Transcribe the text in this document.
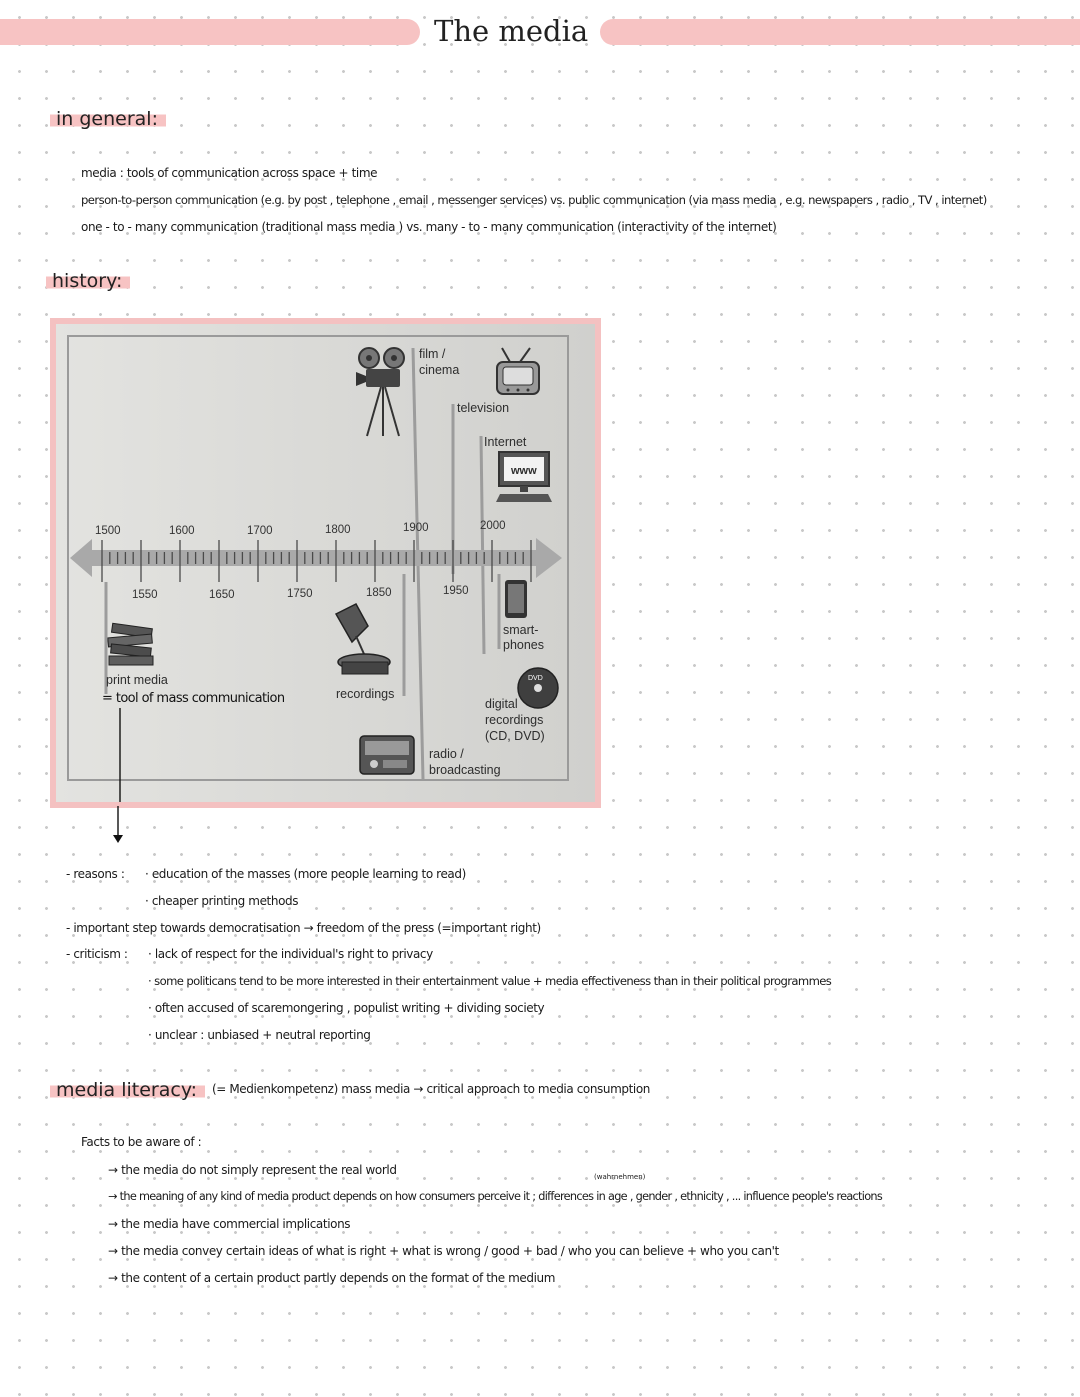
The media
in general:
media : tools of communication across space + time
person-to-person communication (e.g. by post , telephone , email , messenger services) vs. public communication (via mass media , e.g. newspapers , radio , TV , internet)
one - to - many communication (traditional mass media ) vs. many - to - many communication (interactivity of the internet)
history:
1500	1600	1700	1800	1900	2000
1550	1650	1750	1850	1950
film /
cinema
television
www
Internet
print media
= tool of mass communication	recordings
smart-
phones
DVD
digital
recordings
(CD, DVD)
radio /
broadcasting
- reasons : · education of the masses (more people learning to read)
· cheaper printing methods
- important step towards democratisation → freedom of the press (=important right)
- criticism : · lack of respect for the individual's right to privacy
· some politicans tend to be more interested in their entertainment value + media effectiveness than in their political programmes
· often accused of scaremongering , populist writing + dividing society
· unclear : unbiased + neutral reporting
media literacy:	(= Medienkompetenz) mass media → critical approach to media consumption
Facts to be aware of :
(wahrnehmen)
→ the media do not simply represent the real world
→ the meaning of any kind of media product depends on how consumers perceive it ; differences in age , gender , ethnicity , ... influence people's reactions
→ the media have commercial implications
→ the media convey certain ideas of what is right + what is wrong / good + bad / who you can believe + who you can't
→ the content of a certain product partly depends on the format of the medium
